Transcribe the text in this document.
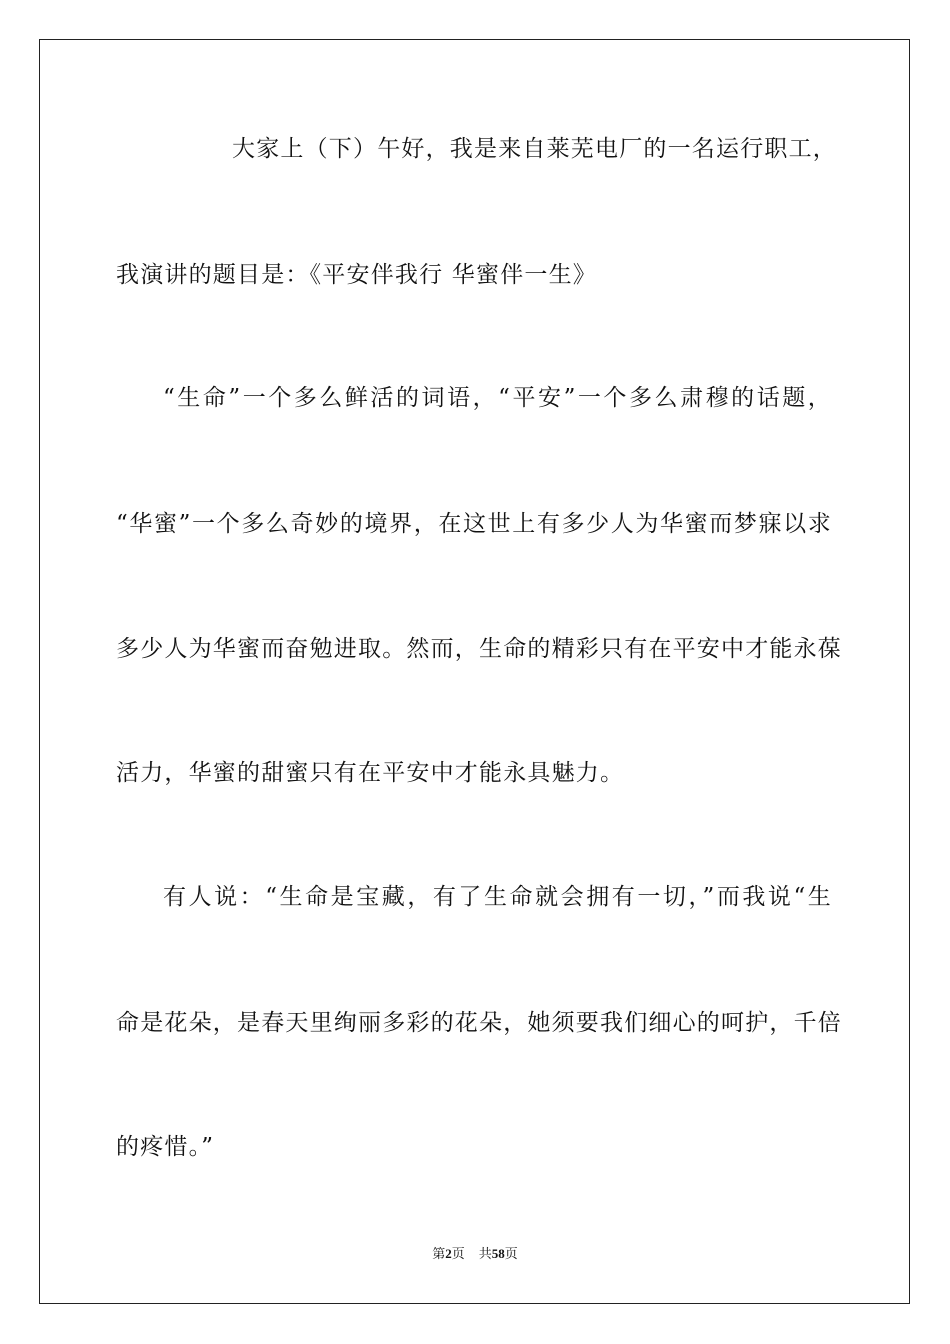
大家上（下）午好，我是来自莱芜电厂的一名运行职工，
我演讲的题目是：《平安伴我行 华蜜伴一生》
“生命”一个多么鲜活的词语，“平安”一个多么肃穆的话题，
“华蜜”一个多么奇妙的境界，在这世上有多少人为华蜜而梦寐以求
多少人为华蜜而奋勉进取。然而，生命的精彩只有在平安中才能永葆
活力，华蜜的甜蜜只有在平安中才能永具魅力。
有人说：“生命是宝藏，有了生命就会拥有一切，”而我说“生
命是花朵，是春天里绚丽多彩的花朵，她须要我们细心的呵护，千倍
的疼惜。”
第2页 共58页
